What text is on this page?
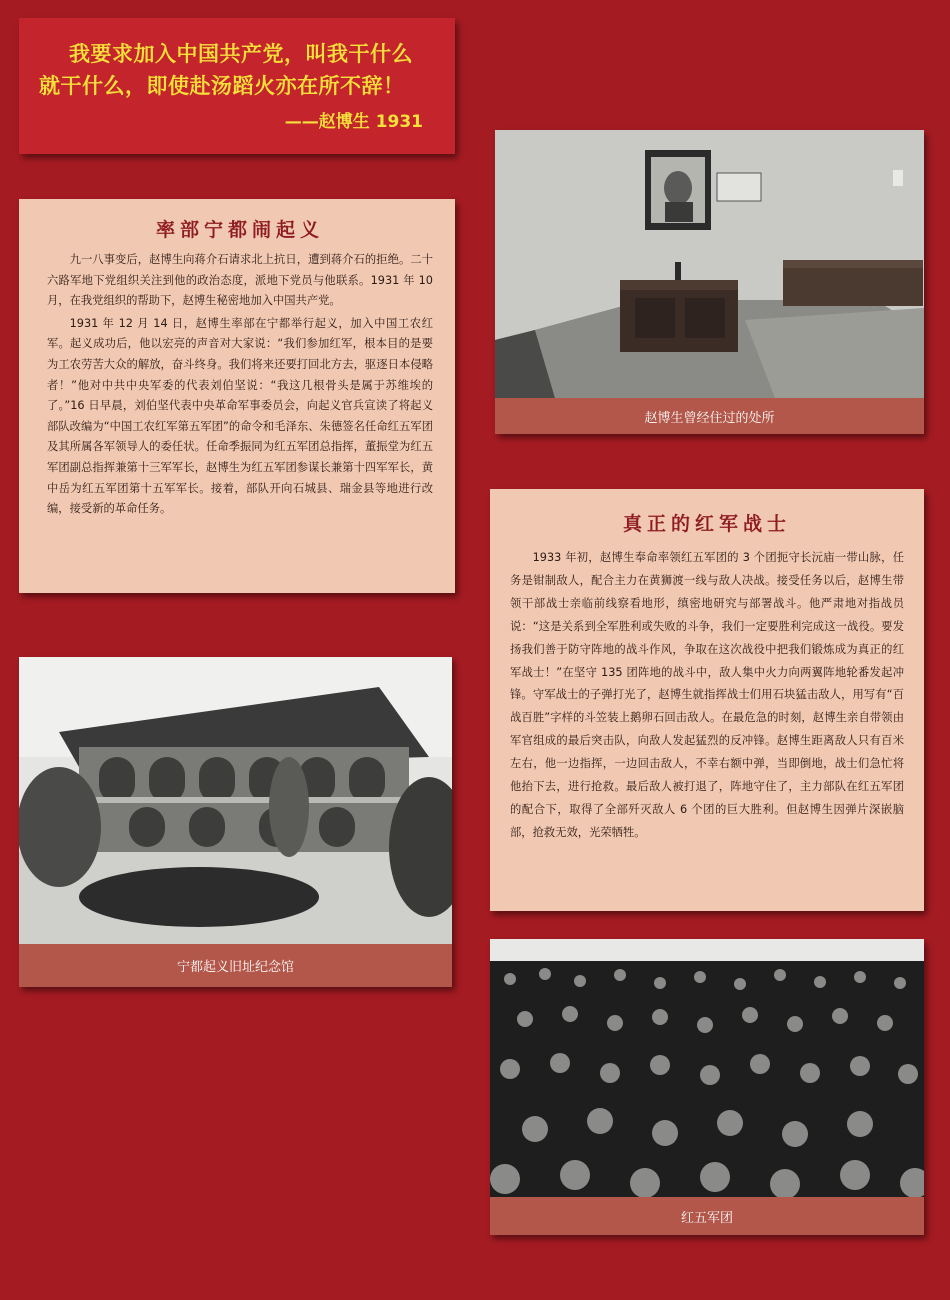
我要求加入中国共产党，叫我干什么
就干什么，即使赴汤蹈火亦在所不辞！
——赵博生 1931
率部宁都闹起义

九一八事变后，赵博生向蒋介石请求北上抗日，遭到蒋介石的拒绝。二十六路军地下党组织关注到他的政治态度，派地下党员与他联系。1931 年 10 月，在我党组织的帮助下，赵博生秘密地加入中国共产党。

1931 年 12 月 14 日，赵博生率部在宁都举行起义，加入中国工农红军。起义成功后，他以宏亮的声音对大家说：“我们参加红军，根本目的是要为工农劳苦大众的解放，奋斗终身。我们将来还要打回北方去，驱逐日本侵略者！”他对中共中央军委的代表刘伯坚说：“我这几根骨头是属于苏维埃的了。”16 日早晨，刘伯坚代表中央革命军事委员会，向起义官兵宣读了将起义部队改编为“中国工农红军第五军团”的命令和毛泽东、朱德签名任命红五军团及其所属各军领导人的委任状。任命季振同为红五军团总指挥，董振堂为红五军团副总指挥兼第十三军军长，赵博生为红五军团参谋长兼第十四军军长，黄中岳为红五军团第十五军军长。接着，部队开向石城县、瑞金县等地进行改编，接受新的革命任务。

赵博生曾经住过的处所
真正的红军战士

1933 年初，赵博生奉命率领红五军团的 3 个团扼守长沅庙一带山脉，任务是钳制敌人，配合主力在黄狮渡一线与敌人决战。接受任务以后，赵博生带领干部战士亲临前线察看地形，缜密地研究与部署战斗。他严肃地对指战员说：“这是关系到全军胜利或失败的斗争，我们一定要胜利完成这一战役。要发扬我们善于防守阵地的战斗作风，争取在这次战役中把我们锻炼成为真正的红军战士！”在坚守 135 团阵地的战斗中，敌人集中火力向两翼阵地轮番发起冲锋。守军战士的子弹打光了，赵博生就指挥战士们用石块猛击敌人，用写有“百战百胜”字样的斗笠装上鹅卵石回击敌人。在最危急的时刻，赵博生亲自带领由军官组成的最后突击队，向敌人发起猛烈的反冲锋。赵博生距离敌人只有百米左右，他一边指挥，一边回击敌人，不幸右额中弹，当即倒地，战士们急忙将他抬下去，进行抢救。最后敌人被打退了，阵地守住了，主力部队在红五军团的配合下，取得了全部歼灭敌人 6 个团的巨大胜利。但赵博生因弹片深嵌脑部，抢救无效，光荣牺牲。

宁都起义旧址纪念馆
红五军团
